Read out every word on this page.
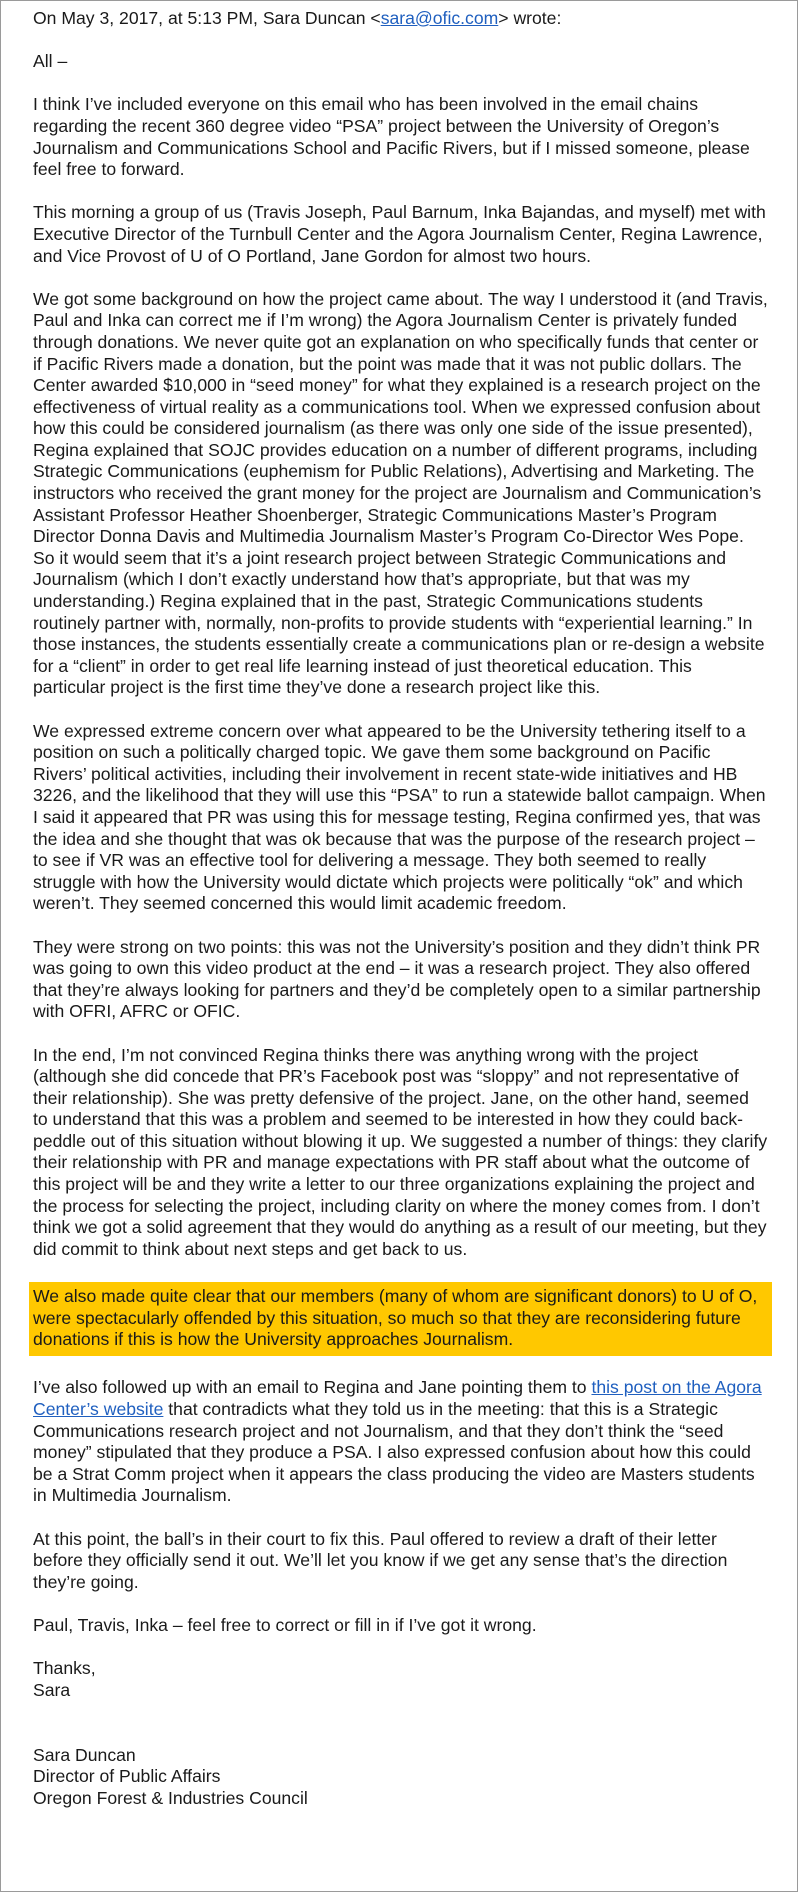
On May 3, 2017, at 5:13 PM, Sara Duncan <sara@ofic.com> wrote:

All –

I think I’ve included everyone on this email who has been involved in the email chains regarding the recent 360 degree video “PSA” project between the University of Oregon’s Journalism and Communications School and Pacific Rivers, but if I missed someone, please feel free to forward.

This morning a group of us (Travis Joseph, Paul Barnum, Inka Bajandas, and myself) met with Executive Director of the Turnbull Center and the Agora Journalism Center, Regina Lawrence, and Vice Provost of U of O Portland, Jane Gordon for almost two hours.

We got some background on how the project came about. The way I understood it (and Travis, Paul and Inka can correct me if I’m wrong) the Agora Journalism Center is privately funded through donations. We never quite got an explanation on who specifically funds that center or if Pacific Rivers made a donation, but the point was made that it was not public dollars. The Center awarded $10,000 in “seed money” for what they explained is a research project on the effectiveness of virtual reality as a communications tool. When we expressed confusion about how this could be considered journalism (as there was only one side of the issue presented), Regina explained that SOJC provides education on a number of different programs, including Strategic Communications (euphemism for Public Relations), Advertising and Marketing. The instructors who received the grant money for the project are Journalism and Communication’s Assistant Professor Heather Shoenberger, Strategic Communications Master’s Program Director Donna Davis and Multimedia Journalism Master’s Program Co-Director Wes Pope. So it would seem that it’s a joint research project between Strategic Communications and Journalism (which I don’t exactly understand how that’s appropriate, but that was my understanding.) Regina explained that in the past, Strategic Communications students routinely partner with, normally, non-profits to provide students with “experiential learning.” In those instances, the students essentially create a communications plan or re-design a website for a “client” in order to get real life learning instead of just theoretical education. This particular project is the first time they’ve done a research project like this.

We expressed extreme concern over what appeared to be the University tethering itself to a position on such a politically charged topic. We gave them some background on Pacific Rivers’ political activities, including their involvement in recent state-wide initiatives and HB 3226, and the likelihood that they will use this “PSA” to run a statewide ballot campaign. When I said it appeared that PR was using this for message testing, Regina confirmed yes, that was the idea and she thought that was ok because that was the purpose of the research project – to see if VR was an effective tool for delivering a message. They both seemed to really struggle with how the University would dictate which projects were politically “ok” and which weren’t. They seemed concerned this would limit academic freedom.

They were strong on two points: this was not the University’s position and they didn’t think PR was going to own this video product at the end – it was a research project. They also offered that they’re always looking for partners and they’d be completely open to a similar partnership with OFRI, AFRC or OFIC.

In the end, I’m not convinced Regina thinks there was anything wrong with the project (although she did concede that PR’s Facebook post was “sloppy” and not representative of their relationship). She was pretty defensive of the project. Jane, on the other hand, seemed to understand that this was a problem and seemed to be interested in how they could back-peddle out of this situation without blowing it up. We suggested a number of things: they clarify their relationship with PR and manage expectations with PR staff about what the outcome of this project will be and they write a letter to our three organizations explaining the project and the process for selecting the project, including clarity on where the money comes from. I don’t think we got a solid agreement that they would do anything as a result of our meeting, but they did commit to think about next steps and get back to us.

We also made quite clear that our members (many of whom are significant donors) to U of O, were spectacularly offended by this situation, so much so that they are reconsidering future donations if this is how the University approaches Journalism.

I’ve also followed up with an email to Regina and Jane pointing them to this post on the Agora Center’s website that contradicts what they told us in the meeting: that this is a Strategic Communications research project and not Journalism, and that they don’t think the “seed money” stipulated that they produce a PSA. I also expressed confusion about how this could be a Strat Comm project when it appears the class producing the video are Masters students in Multimedia Journalism.

At this point, the ball’s in their court to fix this. Paul offered to review a draft of their letter before they officially send it out. We’ll let you know if we get any sense that’s the direction they’re going.

Paul, Travis, Inka – feel free to correct or fill in if I’ve got it wrong.

Thanks,

Sara

Sara Duncan

Director of Public Affairs

Oregon Forest & Industries Council
